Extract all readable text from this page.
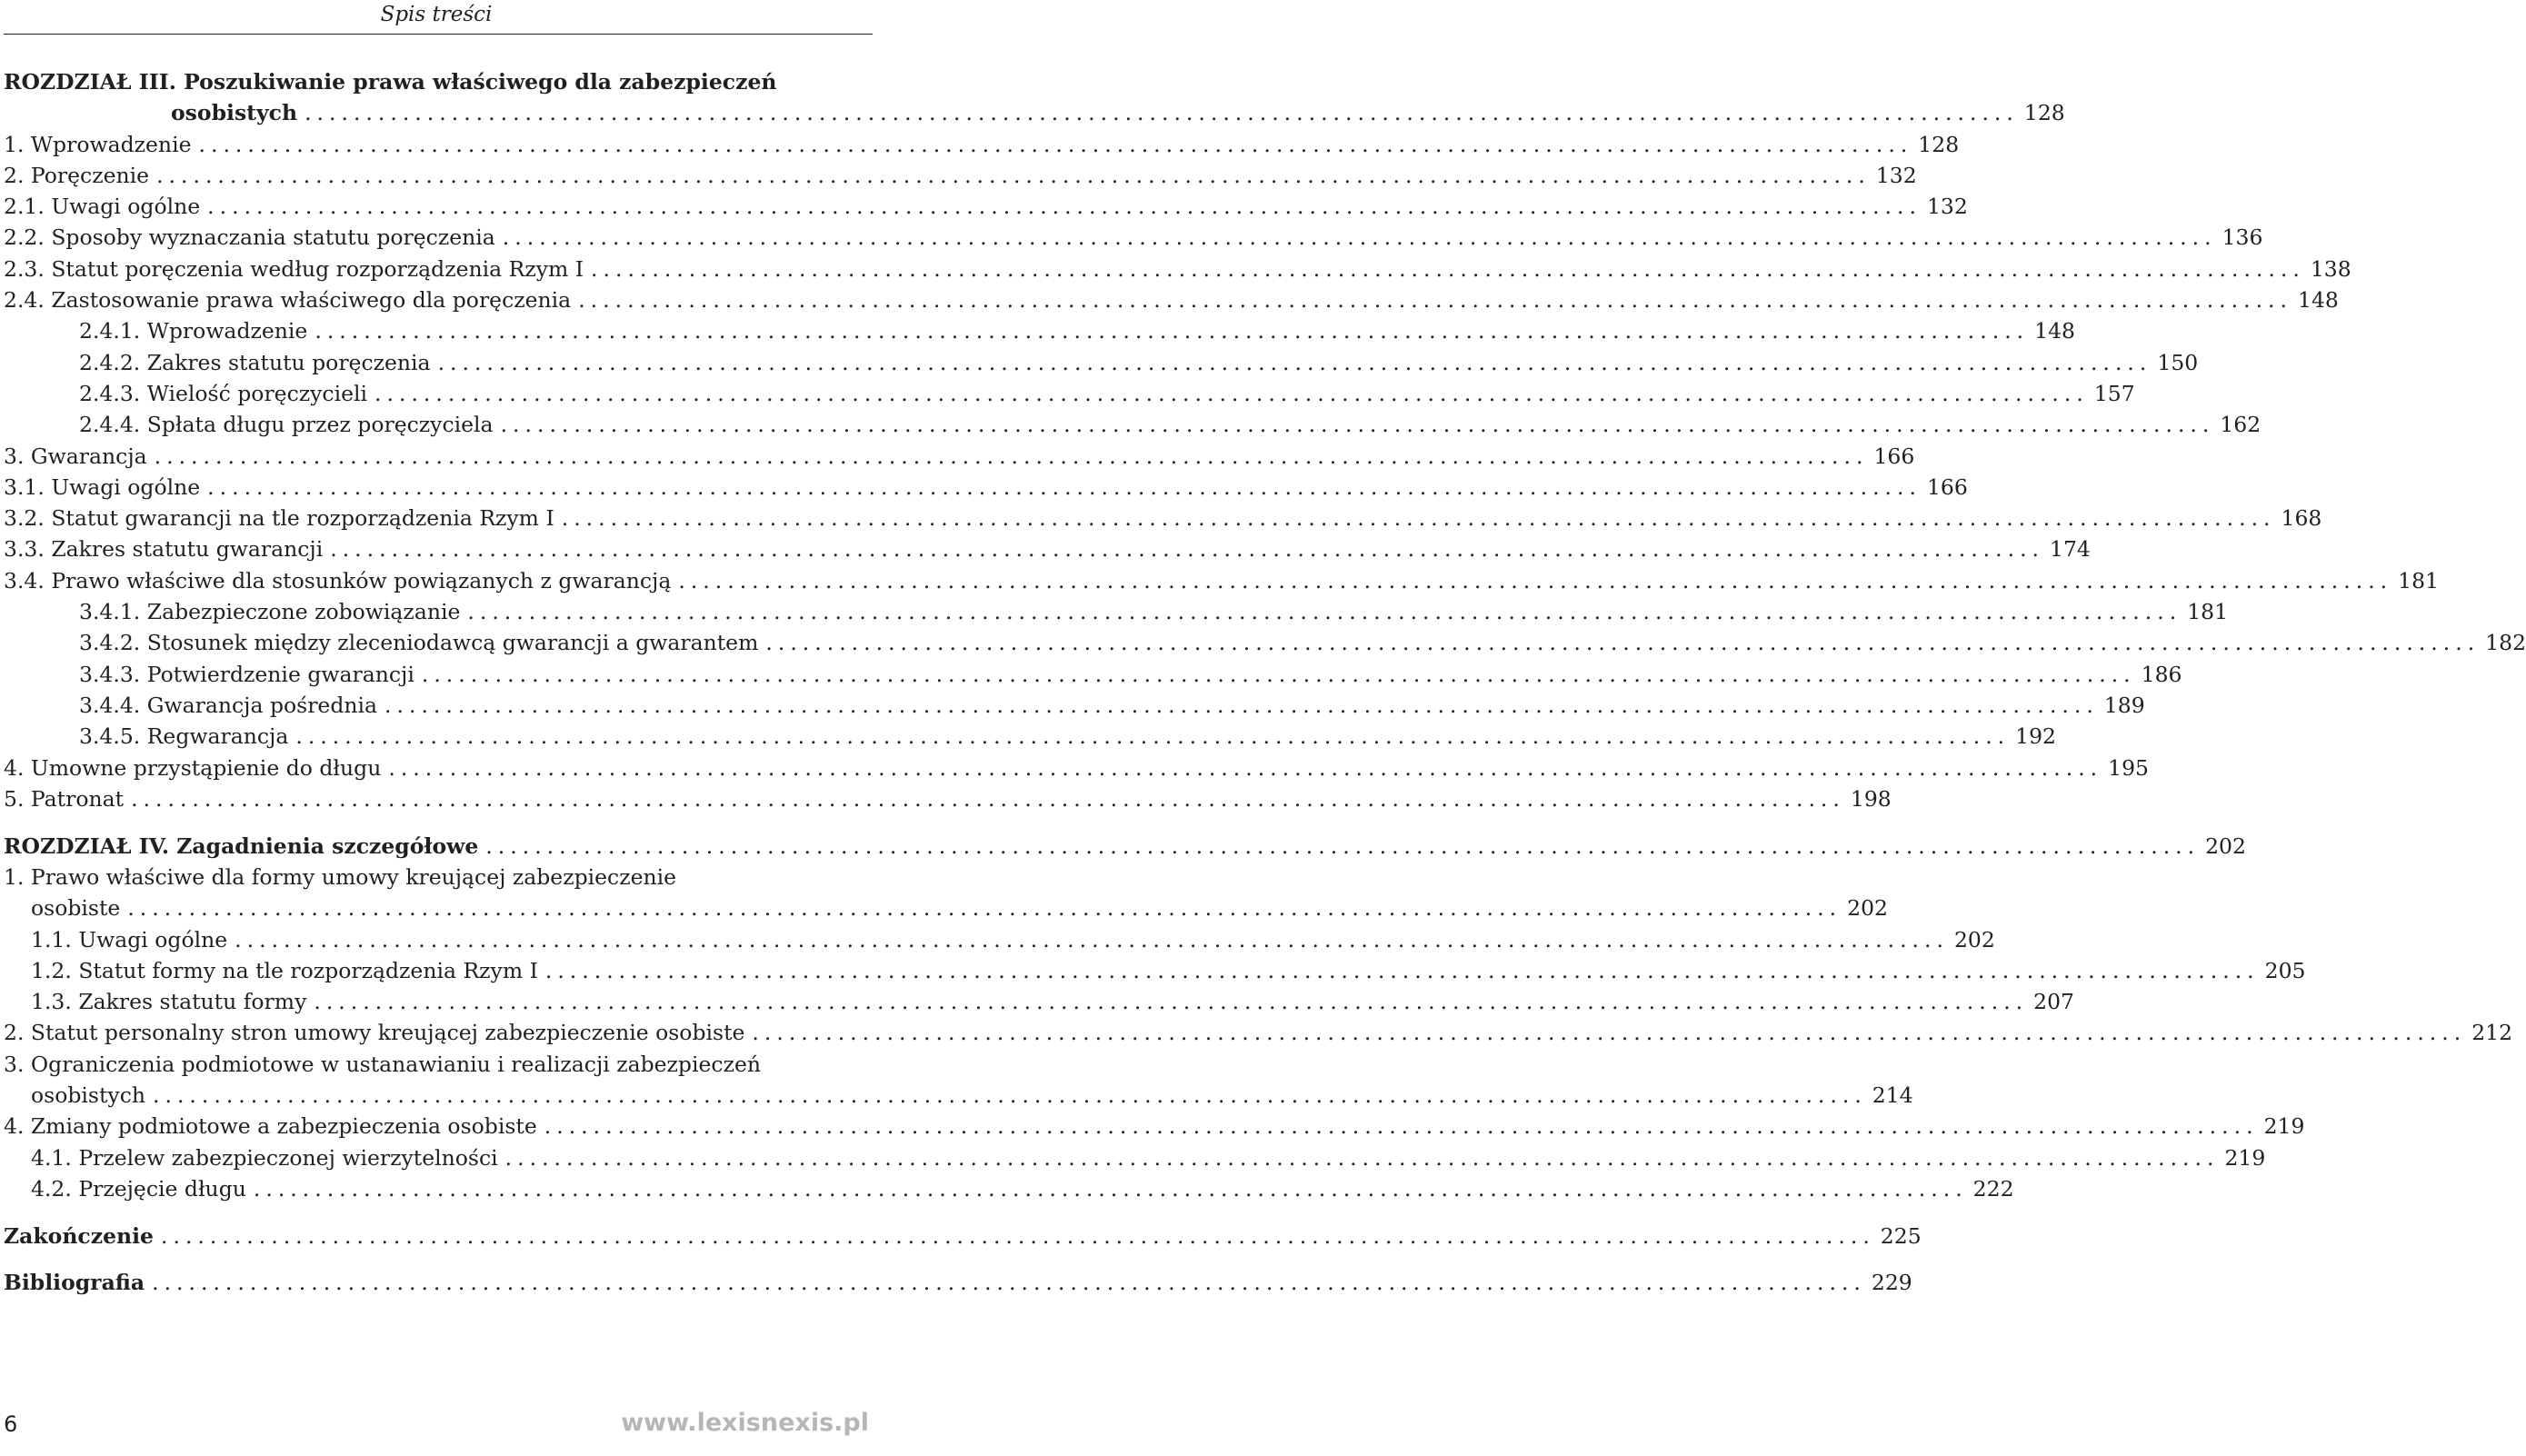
Spis treści
ROZDZIAŁ III. Poszukiwanie prawa właściwego dla zabezpieczeń
osobistych ............................................................................................................................................ 128
1. Wprowadzenie ............................................................................................................................................ 128
2. Poręczenie ............................................................................................................................................ 132
2.1. Uwagi ogólne ............................................................................................................................................ 132
2.2. Sposoby wyznaczania statutu poręczenia ............................................................................................................................................ 136
2.3. Statut poręczenia według rozporządzenia Rzym I ............................................................................................................................................ 138
2.4. Zastosowanie prawa właściwego dla poręczenia ............................................................................................................................................ 148
2.4.1. Wprowadzenie ............................................................................................................................................ 148
2.4.2. Zakres statutu poręczenia ............................................................................................................................................ 150
2.4.3. Wielość poręczycieli ............................................................................................................................................ 157
2.4.4. Spłata długu przez poręczyciela ............................................................................................................................................ 162
3. Gwarancja ............................................................................................................................................ 166
3.1. Uwagi ogólne ............................................................................................................................................ 166
3.2. Statut gwarancji na tle rozporządzenia Rzym I ............................................................................................................................................ 168
3.3. Zakres statutu gwarancji ............................................................................................................................................ 174
3.4. Prawo właściwe dla stosunków powiązanych z gwarancją ............................................................................................................................................ 181
3.4.1. Zabezpieczone zobowiązanie ............................................................................................................................................ 181
3.4.2. Stosunek między zleceniodawcą gwarancji a gwarantem ............................................................................................................................................ 182
3.4.3. Potwierdzenie gwarancji ............................................................................................................................................ 186
3.4.4. Gwarancja pośrednia ............................................................................................................................................ 189
3.4.5. Regwarancja ............................................................................................................................................ 192
4. Umowne przystąpienie do długu ............................................................................................................................................ 195
5. Patronat ............................................................................................................................................ 198
ROZDZIAŁ IV. Zagadnienia szczegółowe ............................................................................................................................................ 202
1. Prawo właściwe dla formy umowy kreującej zabezpieczenie
osobiste ............................................................................................................................................ 202
1.1. Uwagi ogólne ............................................................................................................................................ 202
1.2. Statut formy na tle rozporządzenia Rzym I ............................................................................................................................................ 205
1.3. Zakres statutu formy ............................................................................................................................................ 207
2. Statut personalny stron umowy kreującej zabezpieczenie osobiste ............................................................................................................................................ 212
3. Ograniczenia podmiotowe w ustanawianiu i realizacji zabezpieczeń
osobistych ............................................................................................................................................ 214
4. Zmiany podmiotowe a zabezpieczenia osobiste ............................................................................................................................................ 219
4.1. Przelew zabezpieczonej wierzytelności ............................................................................................................................................ 219
4.2. Przejęcie długu ............................................................................................................................................ 222
Zakończenie ............................................................................................................................................ 225
Bibliografia ............................................................................................................................................ 229
6	www.lexisnexis.pl
